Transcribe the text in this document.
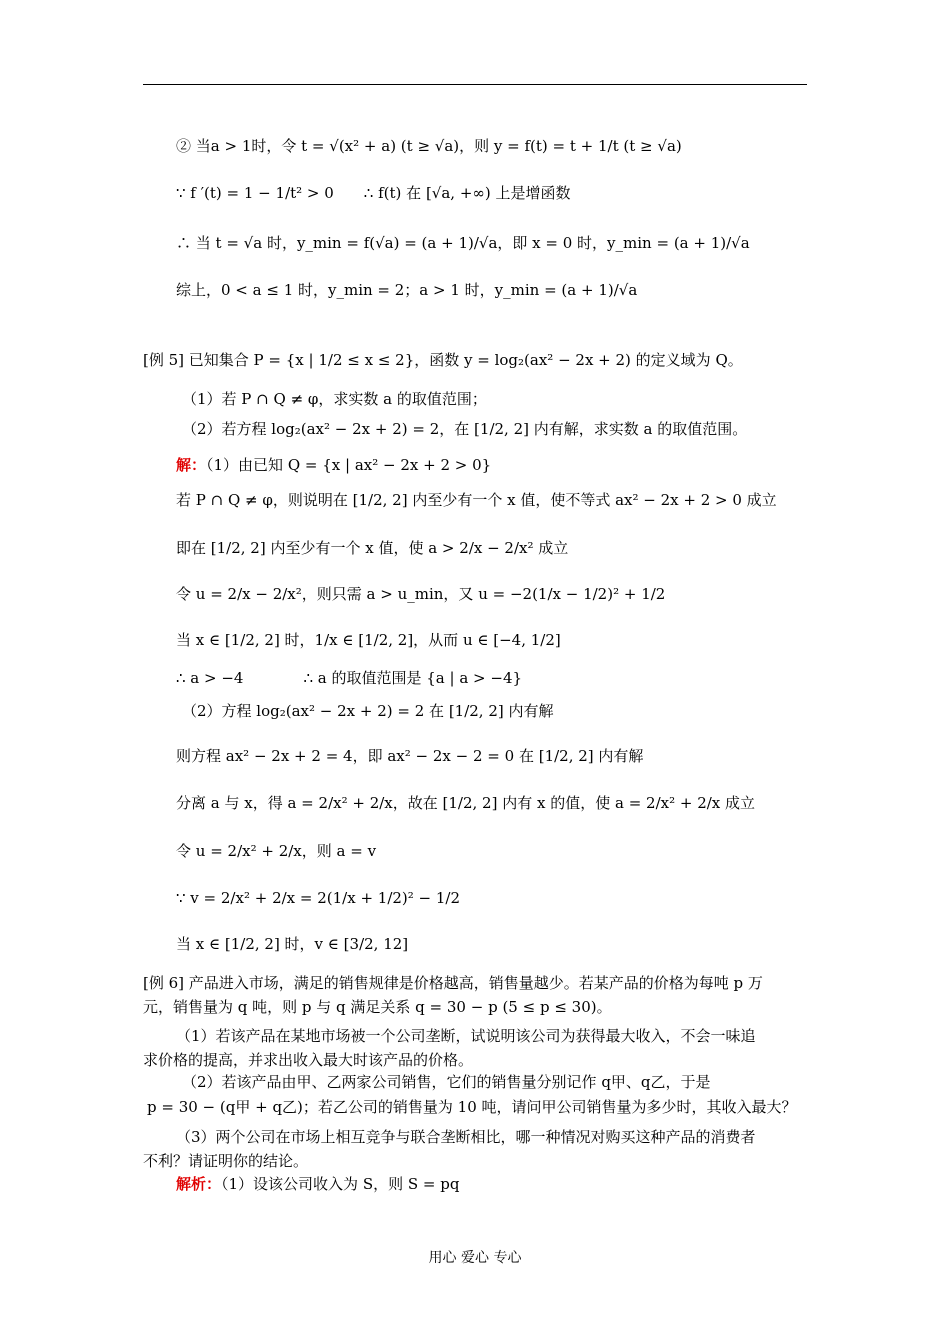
② 当a > 1时，令 t = √(x² + a) (t ≥ √a)，则 y = f(t) = t + 1/t (t ≥ √a)
∵ f ′(t) = 1 − 1/t² > 0　　∴ f(t) 在 [√a, +∞) 上是增函数
∴ 当 t = √a 时，y_min = f(√a) = (a + 1)/√a，即 x = 0 时，y_min = (a + 1)/√a
综上，0 < a ≤ 1 时，y_min = 2；a > 1 时，y_min = (a + 1)/√a
[例 5] 已知集合 P = {x | 1/2 ≤ x ≤ 2}，函数 y = log₂(ax² − 2x + 2) 的定义域为 Q。
（1）若 P ∩ Q ≠ φ，求实数 a 的取值范围；
（2）若方程 log₂(ax² − 2x + 2) = 2，在 [1/2, 2] 内有解，求实数 a 的取值范围。
解：（1）由已知 Q = {x | ax² − 2x + 2 > 0}
若 P ∩ Q ≠ φ，则说明在 [1/2, 2] 内至少有一个 x 值，使不等式 ax² − 2x + 2 > 0 成立
即在 [1/2, 2] 内至少有一个 x 值，使 a > 2/x − 2/x² 成立
令 u = 2/x − 2/x²，则只需 a > u_min，又 u = −2(1/x − 1/2)² + 1/2
当 x ∈ [1/2, 2] 时，1/x ∈ [1/2, 2]，从而 u ∈ [−4, 1/2]
∴ a > −4　　　　∴ a 的取值范围是 {a | a > −4}
（2）方程 log₂(ax² − 2x + 2) = 2 在 [1/2, 2] 内有解
则方程 ax² − 2x + 2 = 4，即 ax² − 2x − 2 = 0 在 [1/2, 2] 内有解
分离 a 与 x，得 a = 2/x² + 2/x，故在 [1/2, 2] 内有 x 的值，使 a = 2/x² + 2/x 成立
令 u = 2/x² + 2/x，则 a = v
∵ v = 2/x² + 2/x = 2(1/x + 1/2)² − 1/2
当 x ∈ [1/2, 2] 时，v ∈ [3/2, 12]
[例 6] 产品进入市场，满足的销售规律是价格越高，销售量越少。若某产品的价格为每吨 p 万
元，销售量为 q 吨，则 p 与 q 满足关系 q = 30 − p (5 ≤ p ≤ 30)。
（1）若该产品在某地市场被一个公司垄断，试说明该公司为获得最大收入，不会一味追
求价格的提高，并求出收入最大时该产品的价格。
（2）若该产品由甲、乙两家公司销售，它们的销售量分别记作 q甲、q乙，于是
p = 30 − (q甲 + q乙)；若乙公司的销售量为 10 吨，请问甲公司销售量为多少时，其收入最大？
（3）两个公司在市场上相互竞争与联合垄断相比，哪一种情况对购买这种产品的消费者
不利？请证明你的结论。
解析：（1）设该公司收入为 S，则 S = pq
用心 爱心 专心
